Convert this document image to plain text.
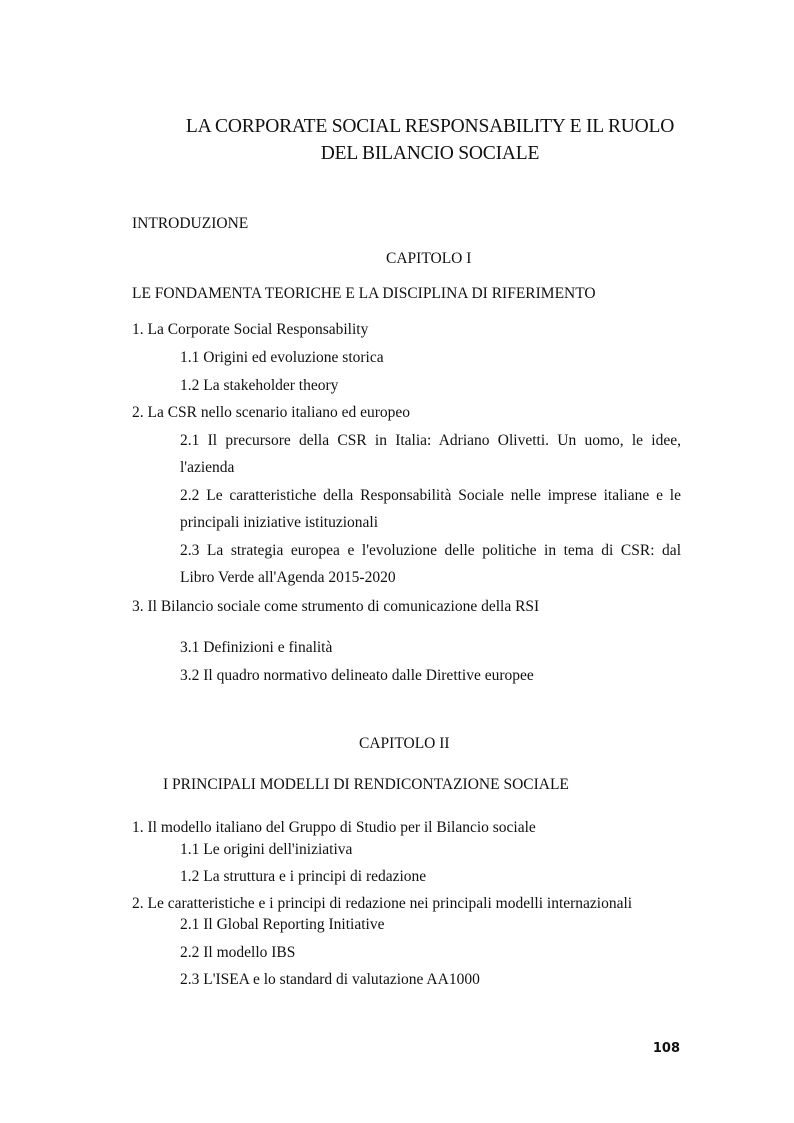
LA CORPORATE SOCIAL RESPONSABILITY E IL RUOLO
DEL BILANCIO SOCIALE
INTRODUZIONE
CAPITOLO I
LE FONDAMENTA TEORICHE E LA DISCIPLINA DI RIFERIMENTO
1. La Corporate Social Responsability
1.1 Origini ed evoluzione storica
1.2 La stakeholder theory
2. La CSR nello scenario italiano ed europeo
2.1 Il precursore della CSR in Italia: Adriano Olivetti. Un uomo, le idee,
l'azienda
2.2 Le caratteristiche della Responsabilità Sociale nelle imprese italiane e le
principali iniziative istituzionali
2.3 La strategia europea e l'evoluzione delle politiche in tema di CSR: dal
Libro Verde all'Agenda 2015-2020
3. Il Bilancio sociale come strumento di comunicazione della RSI
3.1 Definizioni e finalità
3.2 Il quadro normativo delineato dalle Direttive europee
CAPITOLO II
I PRINCIPALI MODELLI DI RENDICONTAZIONE SOCIALE
1. Il modello italiano del Gruppo di Studio per il Bilancio sociale
1.1 Le origini dell'iniziativa
1.2 La struttura e i principi di redazione
2. Le caratteristiche e i principi di redazione nei principali modelli internazionali
2.1 Il Global Reporting Initiative
2.2 Il modello IBS
2.3 L'ISEA e lo standard di valutazione AA1000
108
